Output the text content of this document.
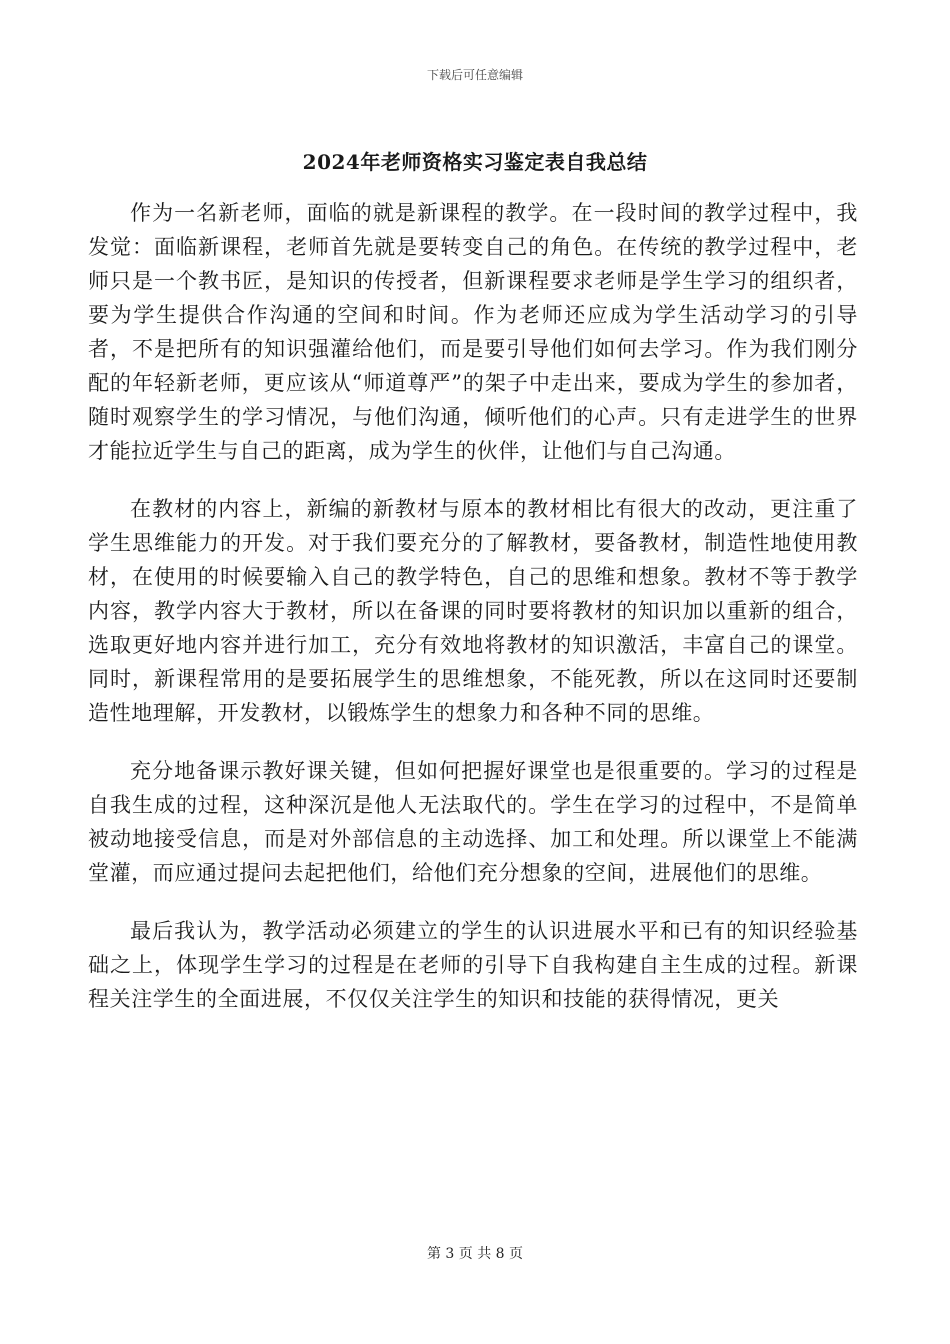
下载后可任意编辑
2024年老师资格实习鉴定表自我总结

作为一名新老师，面临的就是新课程的教学。在一段时间的教学过程中，我发觉：面临新课程，老师首先就是要转变自己的角色。在传统的教学过程中，老师只是一个教书匠，是知识的传授者，但新课程要求老师是学生学习的组织者，要为学生提供合作沟通的空间和时间。作为老师还应成为学生活动学习的引导者，不是把所有的知识强灌给他们，而是要引导他们如何去学习。作为我们刚分配的年轻新老师，更应该从“师道尊严”的架子中走出来，要成为学生的参加者，随时观察学生的学习情况，与他们沟通，倾听他们的心声。只有走进学生的世界才能拉近学生与自己的距离，成为学生的伙伴，让他们与自己沟通。

在教材的内容上，新编的新教材与原本的教材相比有很大的改动，更注重了学生思维能力的开发。对于我们要充分的了解教材，要备教材，制造性地使用教材，在使用的时候要输入自己的教学特色，自己的思维和想象。教材不等于教学内容，教学内容大于教材，所以在备课的同时要将教材的知识加以重新的组合，选取更好地内容并进行加工，充分有效地将教材的知识激活，丰富自己的课堂。同时，新课程常用的是要拓展学生的思维想象，不能死教，所以在这同时还要制造性地理解，开发教材，以锻炼学生的想象力和各种不同的思维。

充分地备课示教好课关键，但如何把握好课堂也是很重要的。学习的过程是自我生成的过程，这种深沉是他人无法取代的。学生在学习的过程中，不是简单被动地接受信息，而是对外部信息的主动选择、加工和处理。所以课堂上不能满堂灌，而应通过提问去起把他们，给他们充分想象的空间，进展他们的思维。

最后我认为，教学活动必须建立的学生的认识进展水平和已有的知识经验基础之上，体现学生学习的过程是在老师的引导下自我构建自主生成的过程。新课程关注学生的全面进展，不仅仅关注学生的知识和技能的获得情况，更关

第 3 页 共 8 页
